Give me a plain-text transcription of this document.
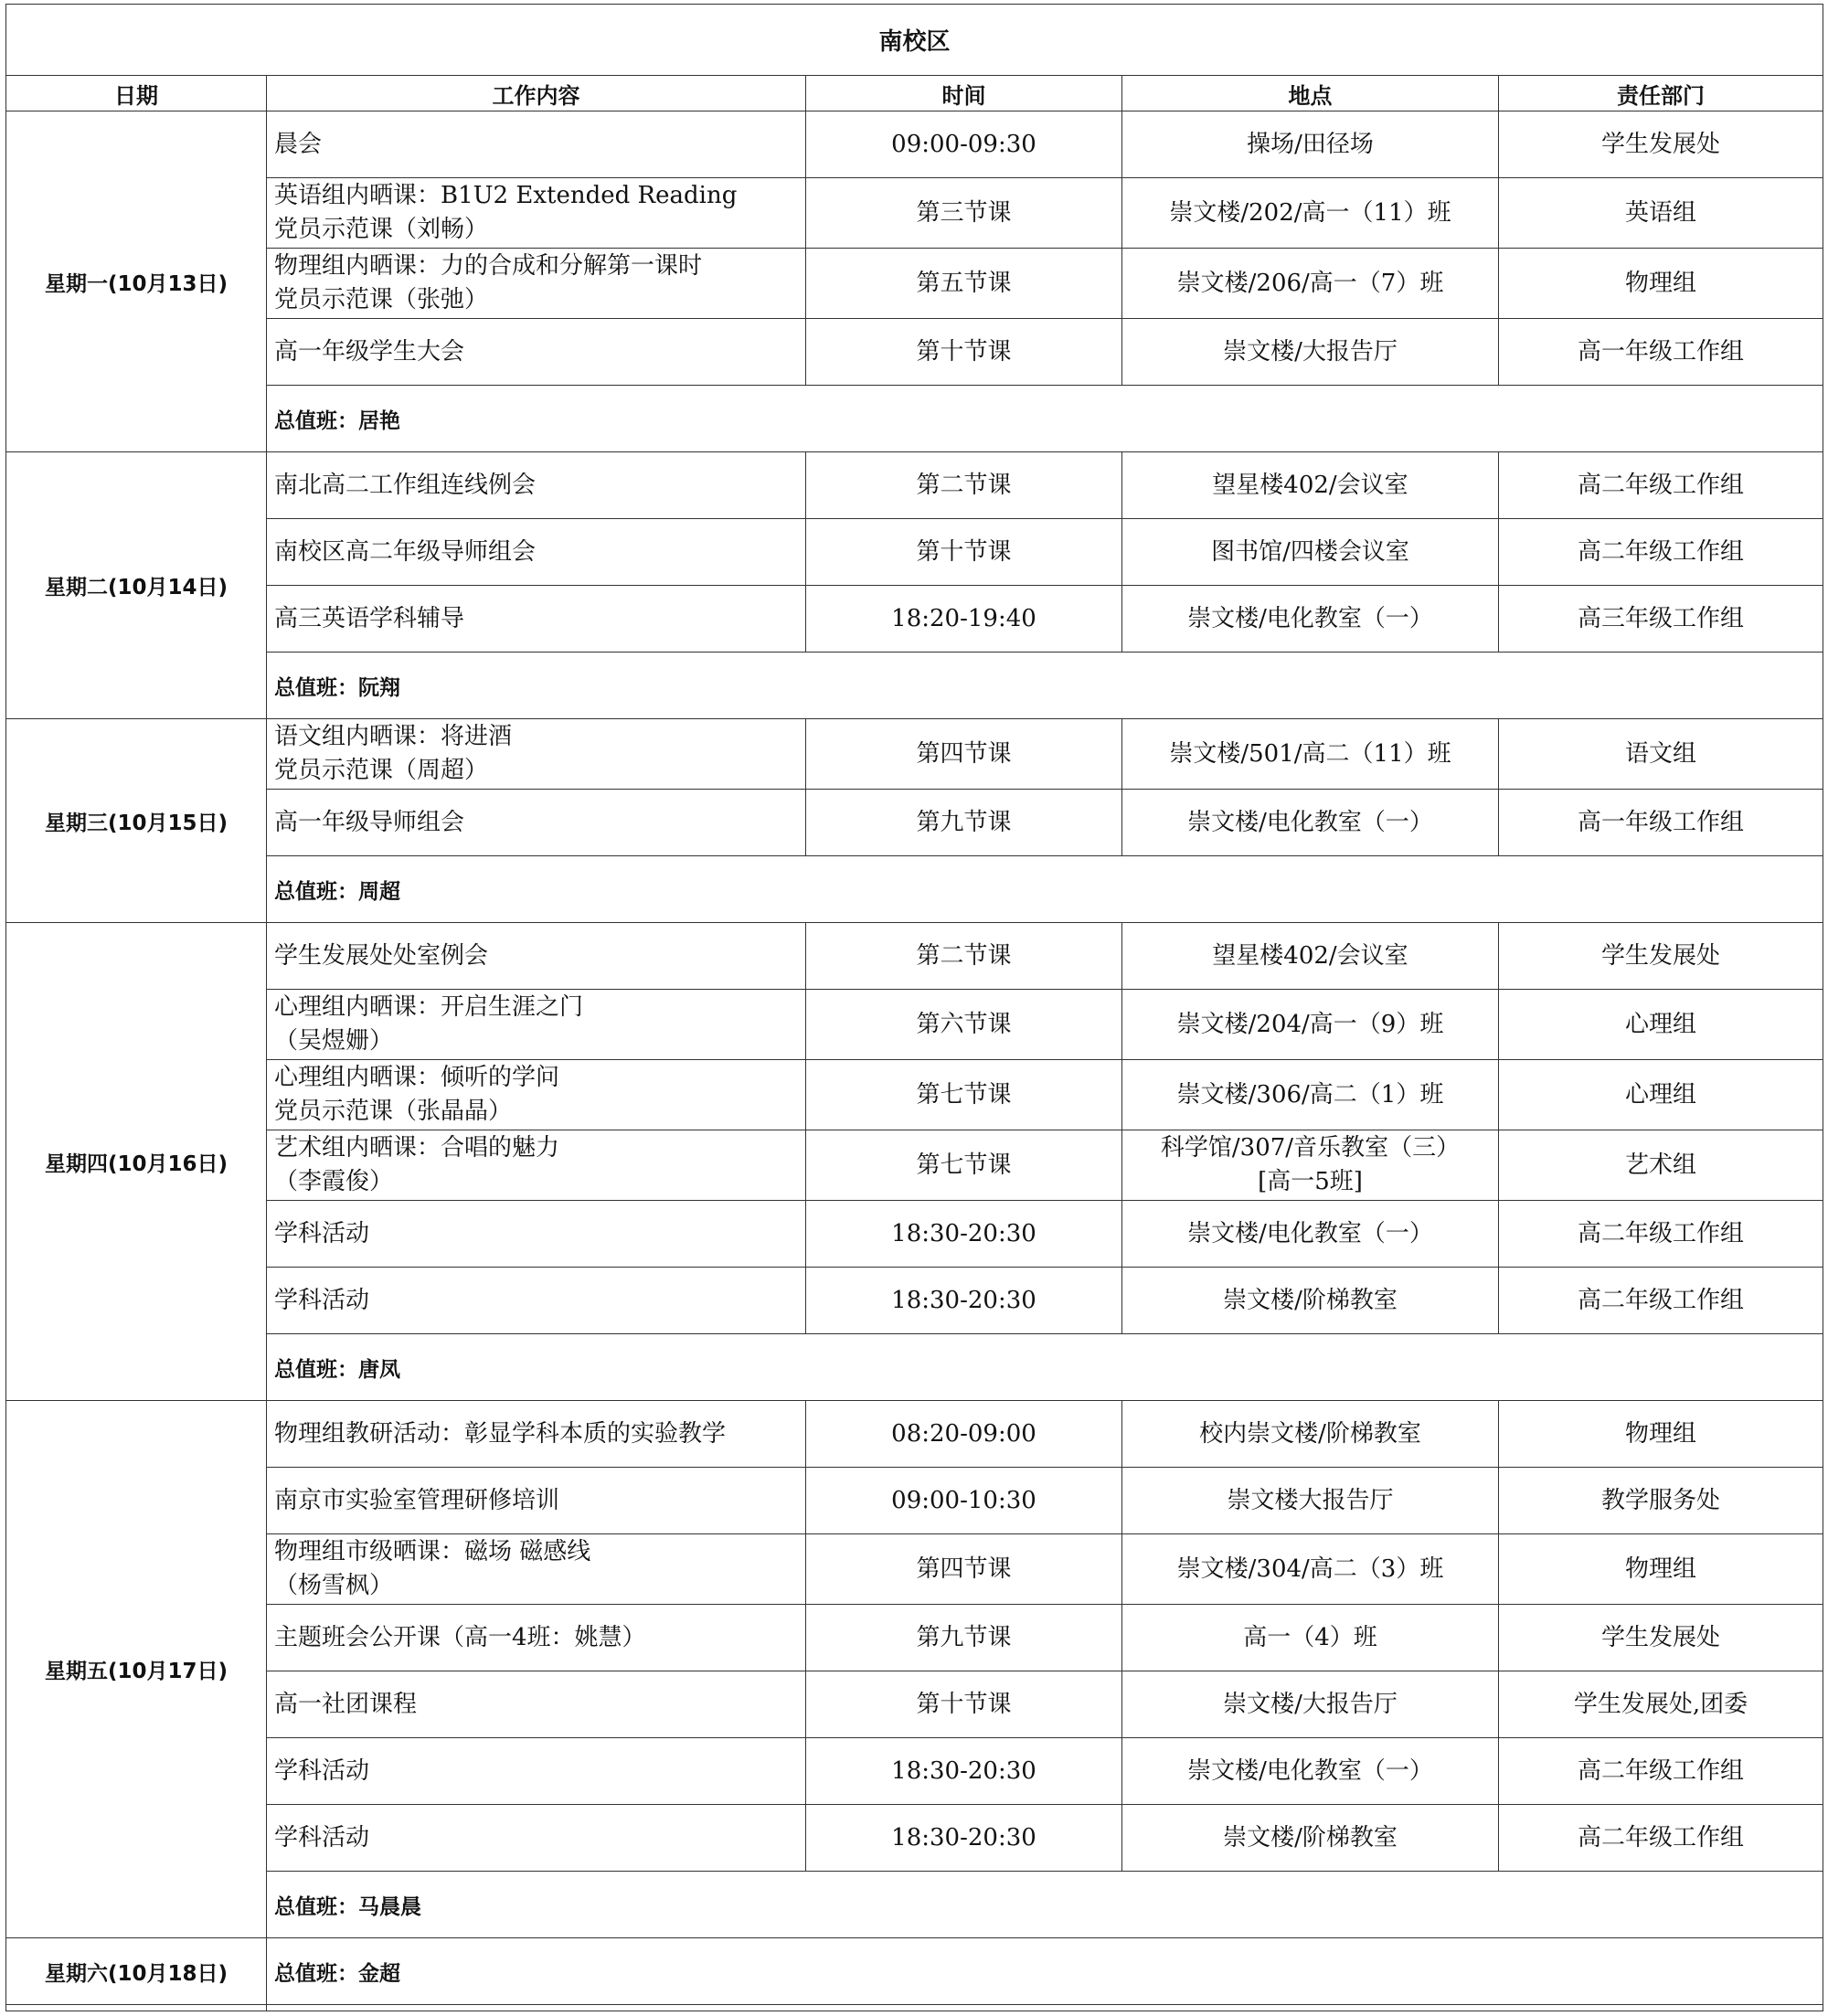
南校区				
日期	工作内容	时间	地点	责任部门
星期一(10月13日)	晨会	09:00-09:30	操场/田径场	学生发展处

	英语组内晒课：B1U2 Extended Reading
党员示范课（刘畅）	第三节课	崇文楼/202/高一（11）班	英语组

	物理组内晒课：力的合成和分解第一课时
党员示范课（张弛）	第五节课	崇文楼/206/高一（7）班	物理组

	高一年级学生大会	第十节课	崇文楼/大报告厅	高一年级工作组
	总值班：居艳			
星期二(10月14日)	南北高二工作组连线例会	第二节课	望星楼402/会议室	高二年级工作组

	南校区高二年级导师组会	第十节课	图书馆/四楼会议室	高二年级工作组

	高三英语学科辅导	18:20-19:40	崇文楼/电化教室（一）	高三年级工作组
	总值班：阮翔			
星期三(10月15日)	语文组内晒课：将进酒
党员示范课（周超）	第四节课	崇文楼/501/高二（11）班	语文组

	高一年级导师组会	第九节课	崇文楼/电化教室（一）	高一年级工作组
	总值班：周超			
星期四(10月16日)	学生发展处处室例会	第二节课	望星楼402/会议室	学生发展处

	心理组内晒课：开启生涯之门
（吴煜姗）	第六节课	崇文楼/204/高一（9）班	心理组

	心理组内晒课：倾听的学问
党员示范课（张晶晶）	第七节课	崇文楼/306/高二（1）班	心理组

	艺术组内晒课：合唱的魅力
（李霞俊）	第七节课	科学馆/307/音乐教室（三）
[高一5班]	艺术组

	学科活动	18:30-20:30	崇文楼/电化教室（一）	高二年级工作组

	学科活动	18:30-20:30	崇文楼/阶梯教室	高二年级工作组
	总值班：唐凤			
星期五(10月17日)	物理组教研活动：彰显学科本质的实验教学	08:20-09:00	校内崇文楼/阶梯教室	物理组

	南京市实验室管理研修培训	09:00-10:30	崇文楼大报告厅	教学服务处

	物理组市级晒课：磁场 磁感线
（杨雪枫）	第四节课	崇文楼/304/高二（3）班	物理组

	主题班会公开课（高一4班：姚慧）	第九节课	高一（4）班	学生发展处

	高一社团课程	第十节课	崇文楼/大报告厅	学生发展处,团委

	学科活动	18:30-20:30	崇文楼/电化教室（一）	高二年级工作组

	学科活动	18:30-20:30	崇文楼/阶梯教室	高二年级工作组
	总值班：马晨晨			
星期六(10月18日)	总值班：金超			
